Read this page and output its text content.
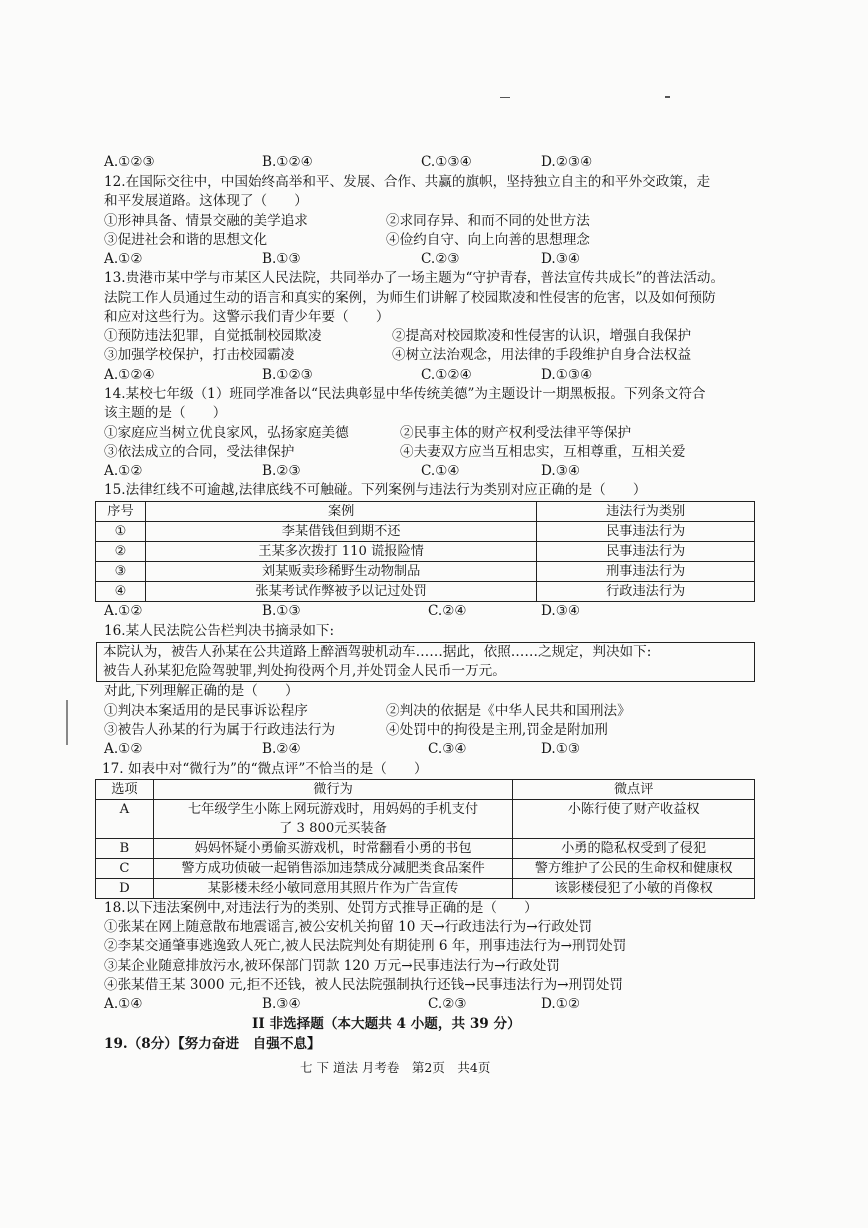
A.①②③	B.①②④	C.①③④	D.②③④
12.在国际交往中，中国始终高举和平、发展、合作、共赢的旗帜，坚持独立自主的和平外交政策，走
和平发展道路。这体现了（　　）
①形神具备、情景交融的美学追求	②求同存异、和而不同的处世方法
③促进社会和谐的思想文化	④俭约自守、向上向善的思想理念
A.①②	B.①③	C.②③	D.③④
13.贵港市某中学与市某区人民法院，共同举办了一场主题为“守护青春，普法宣传共成长”的普法活动。
法院工作人员通过生动的语言和真实的案例，为师生们讲解了校园欺凌和性侵害的危害，以及如何预防
和应对这些行为。这警示我们青少年要（　　）
①预防违法犯罪，自觉抵制校园欺凌	②提高对校园欺凌和性侵害的认识，增强自我保护
③加强学校保护，打击校园霸凌	④树立法治观念，用法律的手段维护自身合法权益
A.①②④	B.①②③	C.①②④	D.①③④
14.某校七年级（1）班同学准备以“民法典彰显中华传统美德”为主题设计一期黑板报。下列条文符合
该主题的是（　　）
①家庭应当树立优良家风，弘扬家庭美德	②民事主体的财产权利受法律平等保护
③依法成立的合同，受法律保护	④夫妻双方应当互相忠实，互相尊重，互相关爱
A.①②	B.②③	C.①④	D.③④
15.法律红线不可逾越,法律底线不可触碰。下列案例与违法行为类别对应正确的是（　　）
序号	案例	违法行为类别
①	李某借钱但到期不还	民事违法行为
②	王某多次拨打 110 谎报险情	民事违法行为
③	刘某贩卖珍稀野生动物制品	刑事违法行为
④	张某考试作弊被予以记过处罚	行政违法行为
A.①②	B.①③	C.②④	D.③④
16.某人民法院公告栏判决书摘录如下:
本院认为，被告人孙某在公共道路上醉酒驾驶机动车……据此，依照……之规定，判决如下:
被告人孙某犯危险驾驶罪,判处拘役两个月,并处罚金人民币一万元。
对此,下列理解正确的是（　　）
①判决本案适用的是民事诉讼程序	②判决的依据是《中华人民共和国刑法》
③被告人孙某的行为属于行政违法行为	④处罚中的拘役是主刑,罚金是附加刑
A.①②	B.②④	C.③④	D.①③
17. 如表中对“微行为”的“微点评”不恰当的是（　　）
选项	微行为	微点评
A	七年级学生小陈上网玩游戏时，用妈妈的手机支付
了 3 800元买装备	小陈行使了财产收益权
B	妈妈怀疑小勇偷买游戏机，时常翻看小勇的书包	小勇的隐私权受到了侵犯
C	警方成功侦破一起销售添加违禁成分减肥类食品案件	警方维护了公民的生命权和健康权
D	某影楼未经小敏同意用其照片作为广告宣传	该影楼侵犯了小敏的肖像权
18.以下违法案例中,对违法行为的类别、处罚方式推导正确的是（　　）
①张某在网上随意散布地震谣言,被公安机关拘留 10 天→行政违法行为→行政处罚
②李某交通肇事逃逸致人死亡,被人民法院判处有期徒刑 6 年，刑事违法行为→刑罚处罚
③某企业随意排放污水,被环保部门罚款 120 万元→民事违法行为→行政处罚
④张某借王某 3000 元,拒不还钱，被人民法院强制执行还钱→民事违法行为→刑罚处罚
A.①④	B.③④	C.②③	D.①②
II 非选择题（本大题共 4 小题，共 39 分）
19.（8分）【努力奋进　自强不息】
七 下 道法 月考卷　第2页　共4页
